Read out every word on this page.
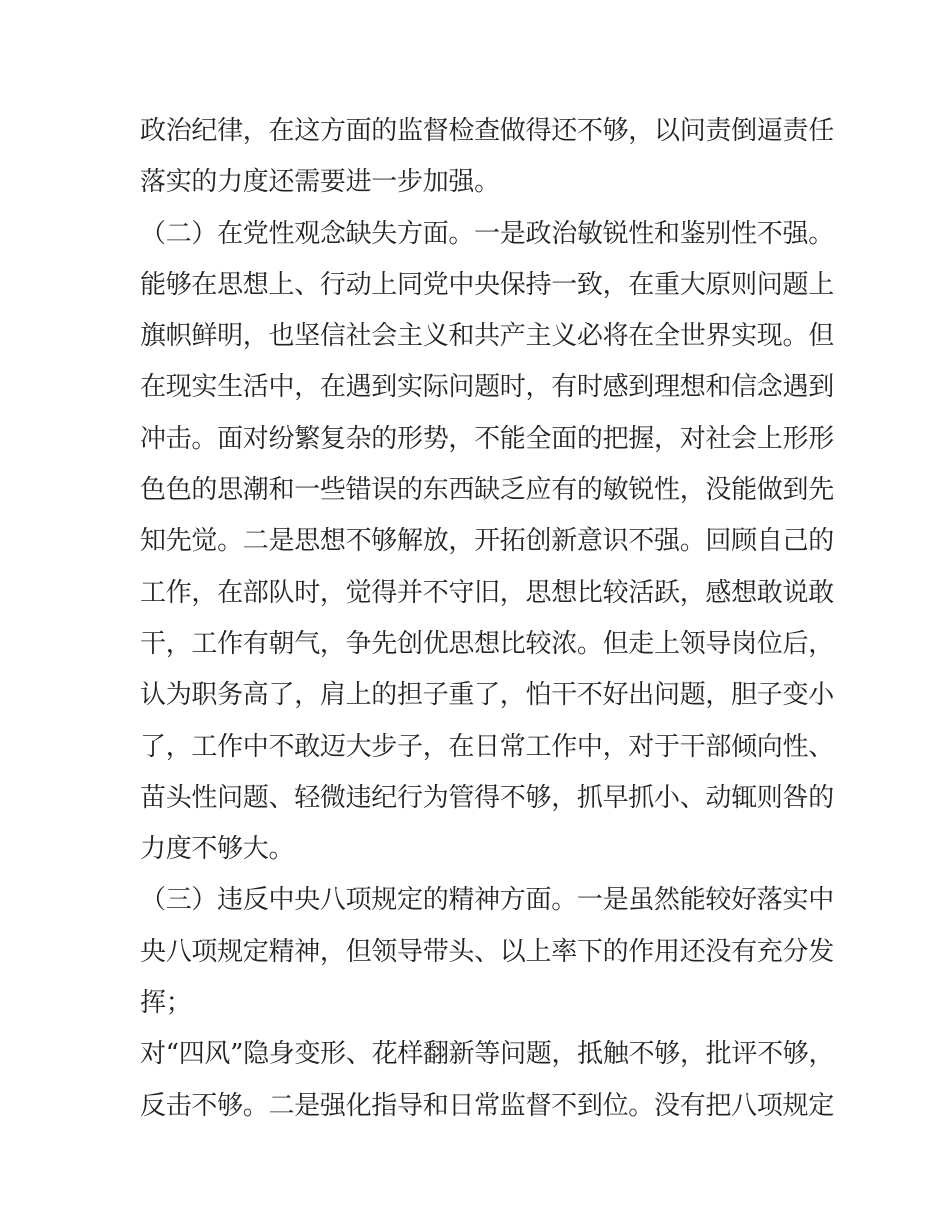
政治纪律，在这方面的监督检查做得还不够，以问责倒逼责任
落实的力度还需要进一步加强。
（二）在党性观念缺失方面。一是政治敏锐性和鉴别性不强。
能够在思想上、行动上同党中央保持一致，在重大原则问题上
旗帜鲜明，也坚信社会主义和共产主义必将在全世界实现。但
在现实生活中，在遇到实际问题时，有时感到理想和信念遇到
冲击。面对纷繁复杂的形势，不能全面的把握，对社会上形形
色色的思潮和一些错误的东西缺乏应有的敏锐性，没能做到先
知先觉。二是思想不够解放，开拓创新意识不强。回顾自己的
工作，在部队时，觉得并不守旧，思想比较活跃，感想敢说敢
干，工作有朝气，争先创优思想比较浓。但走上领导岗位后，
认为职务高了，肩上的担子重了，怕干不好出问题，胆子变小
了，工作中不敢迈大步子，在日常工作中，对于干部倾向性、
苗头性问题、轻微违纪行为管得不够，抓早抓小、动辄则咎的
力度不够大。
（三）违反中央八项规定的精神方面。一是虽然能较好落实中
央八项规定精神，但领导带头、以上率下的作用还没有充分发
挥；
对“四风”隐身变形、花样翻新等问题，抵触不够，批评不够，
反击不够。二是强化指导和日常监督不到位。没有把八项规定
